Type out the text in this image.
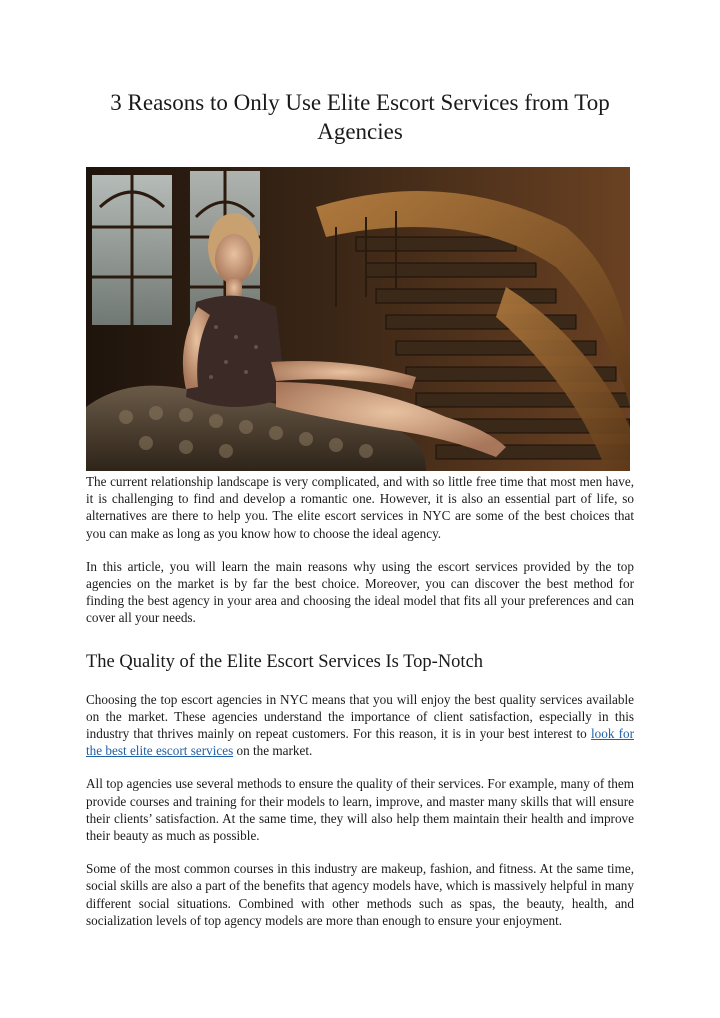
3 Reasons to Only Use Elite Escort Services from Top Agencies

The current relationship landscape is very complicated, and with so little free time that most men have, it is challenging to find and develop a romantic one. However, it is also an essential part of life, so alternatives are there to help you. The elite escort services in NYC are some of the best choices that you can make as long as you know how to choose the ideal agency.

In this article, you will learn the main reasons why using the escort services provided by the top agencies on the market is by far the best choice. Moreover, you can discover the best method for finding the best agency in your area and choosing the ideal model that fits all your preferences and can cover all your needs.

The Quality of the Elite Escort Services Is Top-Notch

Choosing the top escort agencies in NYC means that you will enjoy the best quality services available on the market. These agencies understand the importance of client satisfaction, especially in this industry that thrives mainly on repeat customers. For this reason, it is in your best interest to look for the best elite escort services on the market.

All top agencies use several methods to ensure the quality of their services. For example, many of them provide courses and training for their models to learn, improve, and master many skills that will ensure their clients’ satisfaction. At the same time, they will also help them maintain their health and improve their beauty as much as possible.

Some of the most common courses in this industry are makeup, fashion, and fitness. At the same time, social skills are also a part of the benefits that agency models have, which is massively helpful in many different social situations. Combined with other methods such as spas, the beauty, health, and socialization levels of top agency models are more than enough to ensure your enjoyment.
